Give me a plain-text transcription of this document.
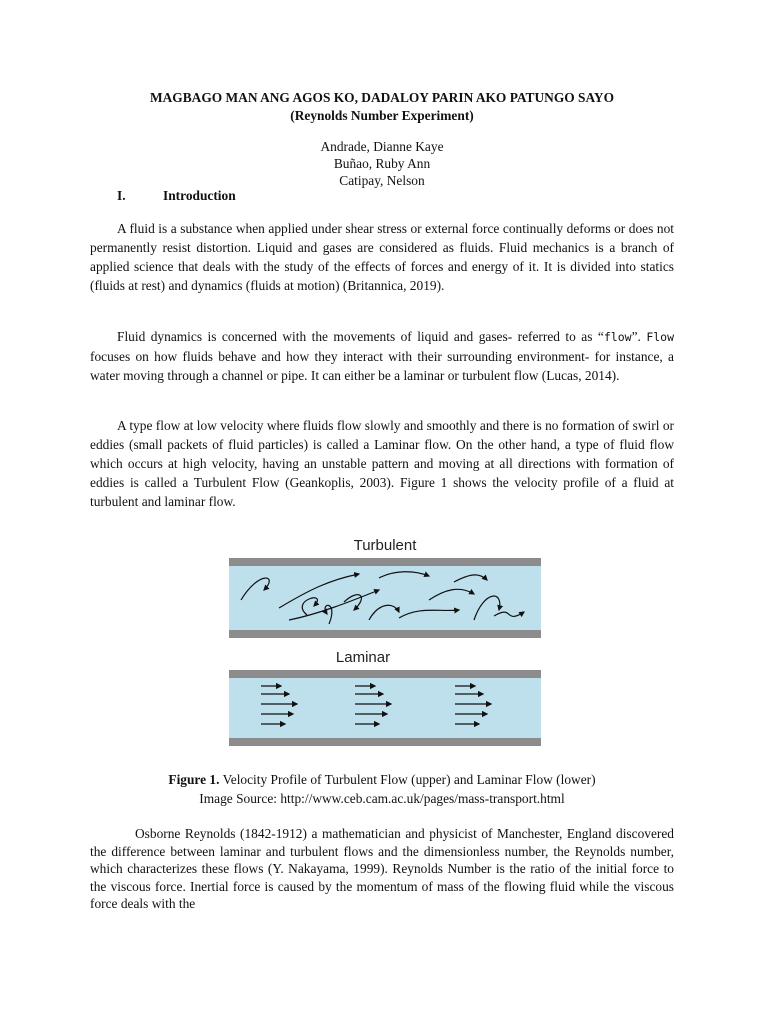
MAGBAGO MAN ANG AGOS KO, DADALOY PARIN AKO PATUNGO SAYO
(Reynolds Number Experiment)
Andrade, Dianne Kaye
Buñao, Ruby Ann
Catipay, Nelson
I.	Introduction
A fluid is a substance when applied under shear stress or external force continually deforms or does not permanently resist distortion. Liquid and gases are considered as fluids. Fluid mechanics is a branch of applied science that deals with the study of the effects of forces and energy of it. It is divided into statics (fluids at rest) and dynamics (fluids at motion) (Britannica, 2019).
Fluid dynamics is concerned with the movements of liquid and gases- referred to as “flow”. Flow focuses on how fluids behave and how they interact with their surrounding environment- for instance, a water moving through a channel or pipe. It can either be a laminar or turbulent flow (Lucas, 2014).
A type flow at low velocity where fluids flow slowly and smoothly and there is no formation of swirl or eddies (small packets of fluid particles) is called a Laminar flow. On the other hand, a type of fluid flow which occurs at high velocity, having an unstable pattern and moving at all directions with formation of eddies is called a Turbulent Flow (Geankoplis, 2003). Figure 1 shows the velocity profile of a fluid at turbulent and laminar flow.
Turbulent
Laminar
Figure 1. Velocity Profile of Turbulent Flow (upper) and Laminar Flow (lower)
Image Source: http://www.ceb.cam.ac.uk/pages/mass-transport.html
Osborne Reynolds (1842-1912) a mathematician and physicist of Manchester, England discovered the difference between laminar and turbulent flows and the dimensionless number, the Reynolds number, which characterizes these flows (Y. Nakayama, 1999). Reynolds Number is the ratio of the initial force to the viscous force. Inertial force is caused by the momentum of mass of the flowing fluid while the viscous force deals with the
